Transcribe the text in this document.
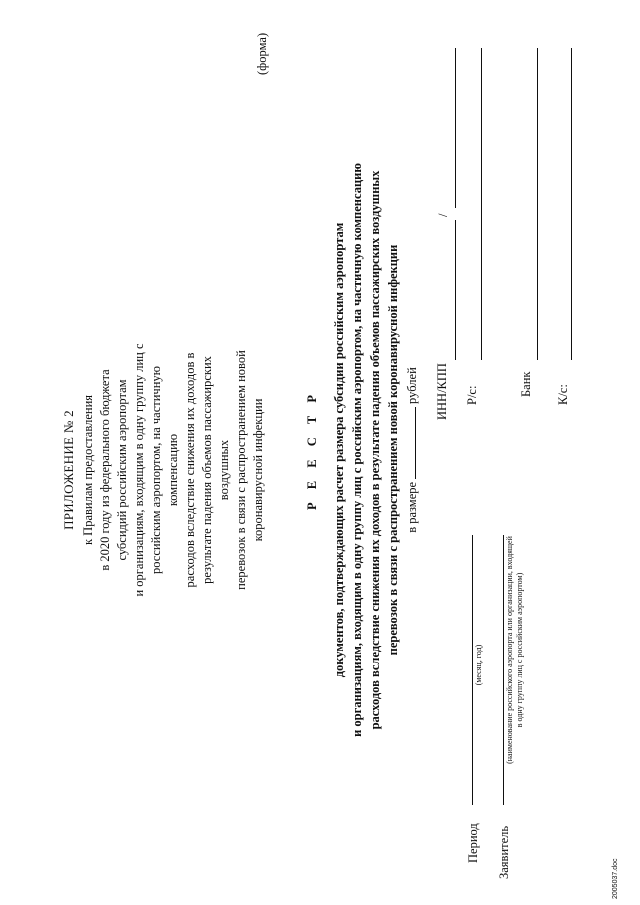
ПРИЛОЖЕНИЕ № 2 к Правилам предоставления в 2020 году из федерального бюджета субсидий российским аэропортам и организациям, входящим в одну группу лиц с российским аэропортом, на частичную компенсацию расходов вследствие снижения их доходов в результате падения объемов пассажирских воздушных перевозок в связи с распространением новой коронавирусной инфекции
(форма)
Р Е Е С Т Р документов, подтверждающих расчет размера субсидии российским аэропортам и организациям, входящим в одну группу лиц с российским аэропортом, на частичную компенсацию расходов вследствие снижения их доходов в результате падения объемов пассажирских воздушных перевозок в связи с распространением новой коронавирусной инфекции в размерерублей
Период
(месяц, год)
Заявитель
(наименование российского аэропорта или организации, входящей в одну группу лиц с российским аэропортом)
ИНН/КПП
/
Р/с:	Банк К/с:
2005037.doc
